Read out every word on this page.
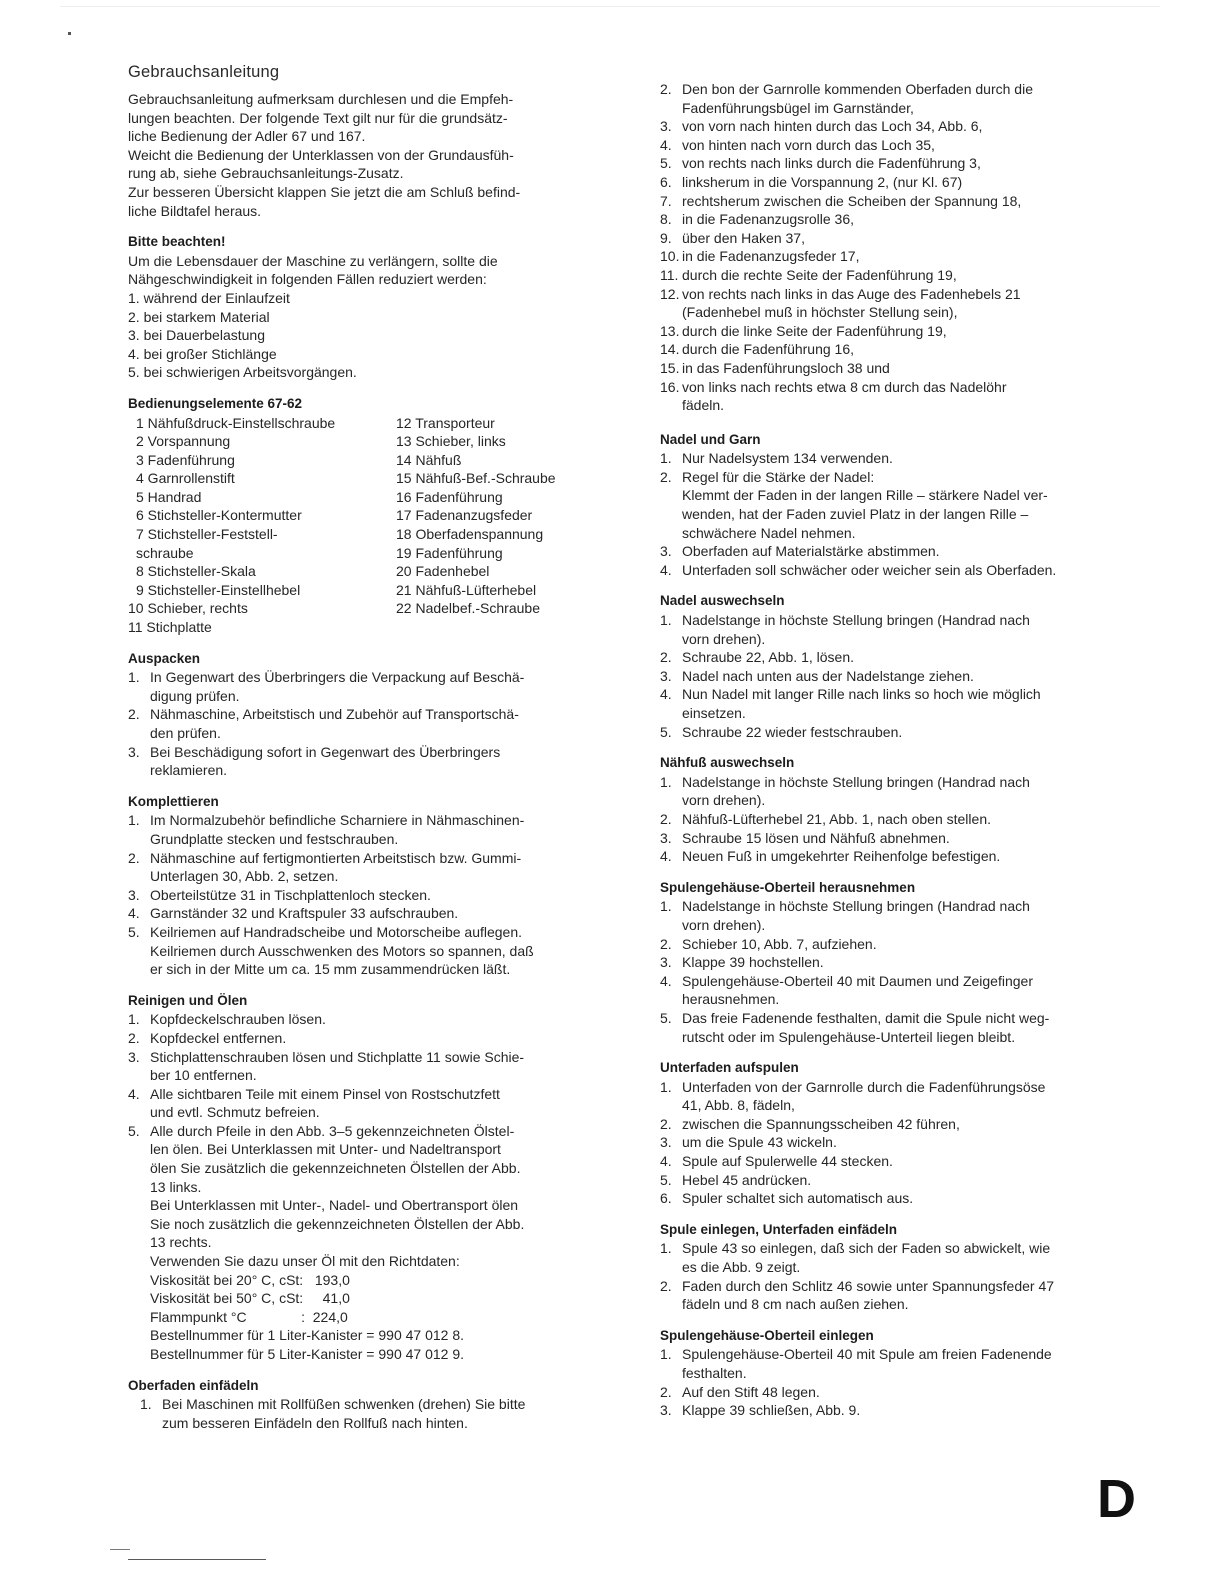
Gebrauchsanleitung

Gebrauchsanleitung aufmerksam durchlesen und die Empfeh-
lungen beachten. Der folgende Text gilt nur für die grundsätz-
liche Bedienung der Adler 67 und 167.
Weicht die Bedienung der Unterklassen von der Grundausfüh-
rung ab, siehe Gebrauchsanleitungs-Zusatz.
Zur besseren Übersicht klappen Sie jetzt die am Schluß befind-
liche Bildtafel heraus.

Bitte beachten!

Um die Lebensdauer der Maschine zu verlängern, sollte die
Nähgeschwindigkeit in folgenden Fällen reduziert werden:
1. während der Einlaufzeit
2. bei starkem Material
3. bei Dauerbelastung
4. bei großer Stichlänge
5. bei schwierigen Arbeitsvorgängen.

Bedienungselemente 67-62

1 Nähfußdruck-Einstellschraube
2 Vorspannung
3 Fadenführung
4 Garnrollenstift
5 Handrad
6 Stichsteller-Kontermutter
7 Stichsteller-Feststell-
schraube
8 Stichsteller-Skala
9 Stichsteller-Einstellhebel
10 Schieber, rechts
11 Stichplatte
12 Transporteur
13 Schieber, links
14 Nähfuß
15 Nähfuß-Bef.-Schraube
16 Fadenführung
17 Fadenanzugsfeder
18 Oberfadenspannung
19 Fadenführung
20 Fadenhebel
21 Nähfuß-Lüfterhebel
22 Nadelbef.-Schraube

Auspacken

1. In Gegenwart des Überbringers die Verpackung auf Beschä-
digung prüfen.
2. Nähmaschine, Arbeitstisch und Zubehör auf Transportschä-
den prüfen.
3. Bei Beschädigung sofort in Gegenwart des Überbringers
reklamieren.

Komplettieren

1. Im Normalzubehör befindliche Scharniere in Nähmaschinen-
Grundplatte stecken und festschrauben.
2. Nähmaschine auf fertigmontierten Arbeitstisch bzw. Gummi-
Unterlagen 30, Abb. 2, setzen.
3. Oberteilstütze 31 in Tischplattenloch stecken.
4. Garnständer 32 und Kraftspuler 33 aufschrauben.
5. Keilriemen auf Handradscheibe und Motorscheibe auflegen.
Keilriemen durch Ausschwenken des Motors so spannen, daß
er sich in der Mitte um ca. 15 mm zusammendrücken läßt.

Reinigen und Ölen

1. Kopfdeckelschrauben lösen.
2. Kopfdeckel entfernen.
3. Stichplattenschrauben lösen und Stichplatte 11 sowie Schie-
ber 10 entfernen.
4. Alle sichtbaren Teile mit einem Pinsel von Rostschutzfett
und evtl. Schmutz befreien.
5. Alle durch Pfeile in den Abb. 3–5 gekennzeichneten Ölstel-
len ölen. Bei Unterklassen mit Unter- und Nadeltransport
ölen Sie zusätzlich die gekennzeichneten Ölstellen der Abb.
13 links.
Bei Unterklassen mit Unter-, Nadel- und Obertransport ölen
Sie noch zusätzlich die gekennzeichneten Ölstellen der Abb.
13 rechts.
Verwenden Sie dazu unser Öl mit den Richtdaten:
Viskosität bei 20° C, cSt:   193,0
Viskosität bei 50° C, cSt:     41,0
Flammpunkt °C              :  224,0
Bestellnummer für 1 Liter-Kanister = 990 47 012 8.
Bestellnummer für 5 Liter-Kanister = 990 47 012 9.

Oberfaden einfädeln

1. Bei Maschinen mit Rollfüßen schwenken (drehen) Sie bitte
zum besseren Einfädeln den Rollfuß nach hinten.
2. Den bon der Garnrolle kommenden Oberfaden durch die
Fadenführungsbügel im Garnständer,
3. von vorn nach hinten durch das Loch 34, Abb. 6,
4. von hinten nach vorn durch das Loch 35,
5. von rechts nach links durch die Fadenführung 3,
6. linksherum in die Vorspannung 2, (nur Kl. 67)
7. rechtsherum zwischen die Scheiben der Spannung 18,
8. in die Fadenanzugsrolle 36,
9. über den Haken 37,
10. in die Fadenanzugsfeder 17,
11. durch die rechte Seite der Fadenführung 19,
12. von rechts nach links in das Auge des Fadenhebels 21
(Fadenhebel muß in höchster Stellung sein),
13. durch die linke Seite der Fadenführung 19,
14. durch die Fadenführung 16,
15. in das Fadenführungsloch 38 und
16. von links nach rechts etwa 8 cm durch das Nadelöhr
fädeln.

Nadel und Garn

1. Nur Nadelsystem 134 verwenden.
2. Regel für die Stärke der Nadel:
Klemmt der Faden in der langen Rille – stärkere Nadel ver-
wenden, hat der Faden zuviel Platz in der langen Rille –
schwächere Nadel nehmen.
3. Oberfaden auf Materialstärke abstimmen.
4. Unterfaden soll schwächer oder weicher sein als Oberfaden.

Nadel auswechseln

1. Nadelstange in höchste Stellung bringen (Handrad nach
vorn drehen).
2. Schraube 22, Abb. 1, lösen.
3. Nadel nach unten aus der Nadelstange ziehen.
4. Nun Nadel mit langer Rille nach links so hoch wie möglich
einsetzen.
5. Schraube 22 wieder festschrauben.

Nähfuß auswechseln

1. Nadelstange in höchste Stellung bringen (Handrad nach
vorn drehen).
2. Nähfuß-Lüfterhebel 21, Abb. 1, nach oben stellen.
3. Schraube 15 lösen und Nähfuß abnehmen.
4. Neuen Fuß in umgekehrter Reihenfolge befestigen.

Spulengehäuse-Oberteil herausnehmen

1. Nadelstange in höchste Stellung bringen (Handrad nach
vorn drehen).
2. Schieber 10, Abb. 7, aufziehen.
3. Klappe 39 hochstellen.
4. Spulengehäuse-Oberteil 40 mit Daumen und Zeigefinger
herausnehmen.
5. Das freie Fadenende festhalten, damit die Spule nicht weg-
rutscht oder im Spulengehäuse-Unterteil liegen bleibt.

Unterfaden aufspulen

1. Unterfaden von der Garnrolle durch die Fadenführungsöse
41, Abb. 8, fädeln,
2. zwischen die Spannungsscheiben 42 führen,
3. um die Spule 43 wickeln.
4. Spule auf Spulerwelle 44 stecken.
5. Hebel 45 andrücken.
6. Spuler schaltet sich automatisch aus.

Spule einlegen, Unterfaden einfädeln

1. Spule 43 so einlegen, daß sich der Faden so abwickelt, wie
es die Abb. 9 zeigt.
2. Faden durch den Schlitz 46 sowie unter Spannungsfeder 47
fädeln und 8 cm nach außen ziehen.

Spulengehäuse-Oberteil einlegen

1. Spulengehäuse-Oberteil 40 mit Spule am freien Fadenende
festhalten.
2. Auf den Stift 48 legen.
3. Klappe 39 schließen, Abb. 9.
D
